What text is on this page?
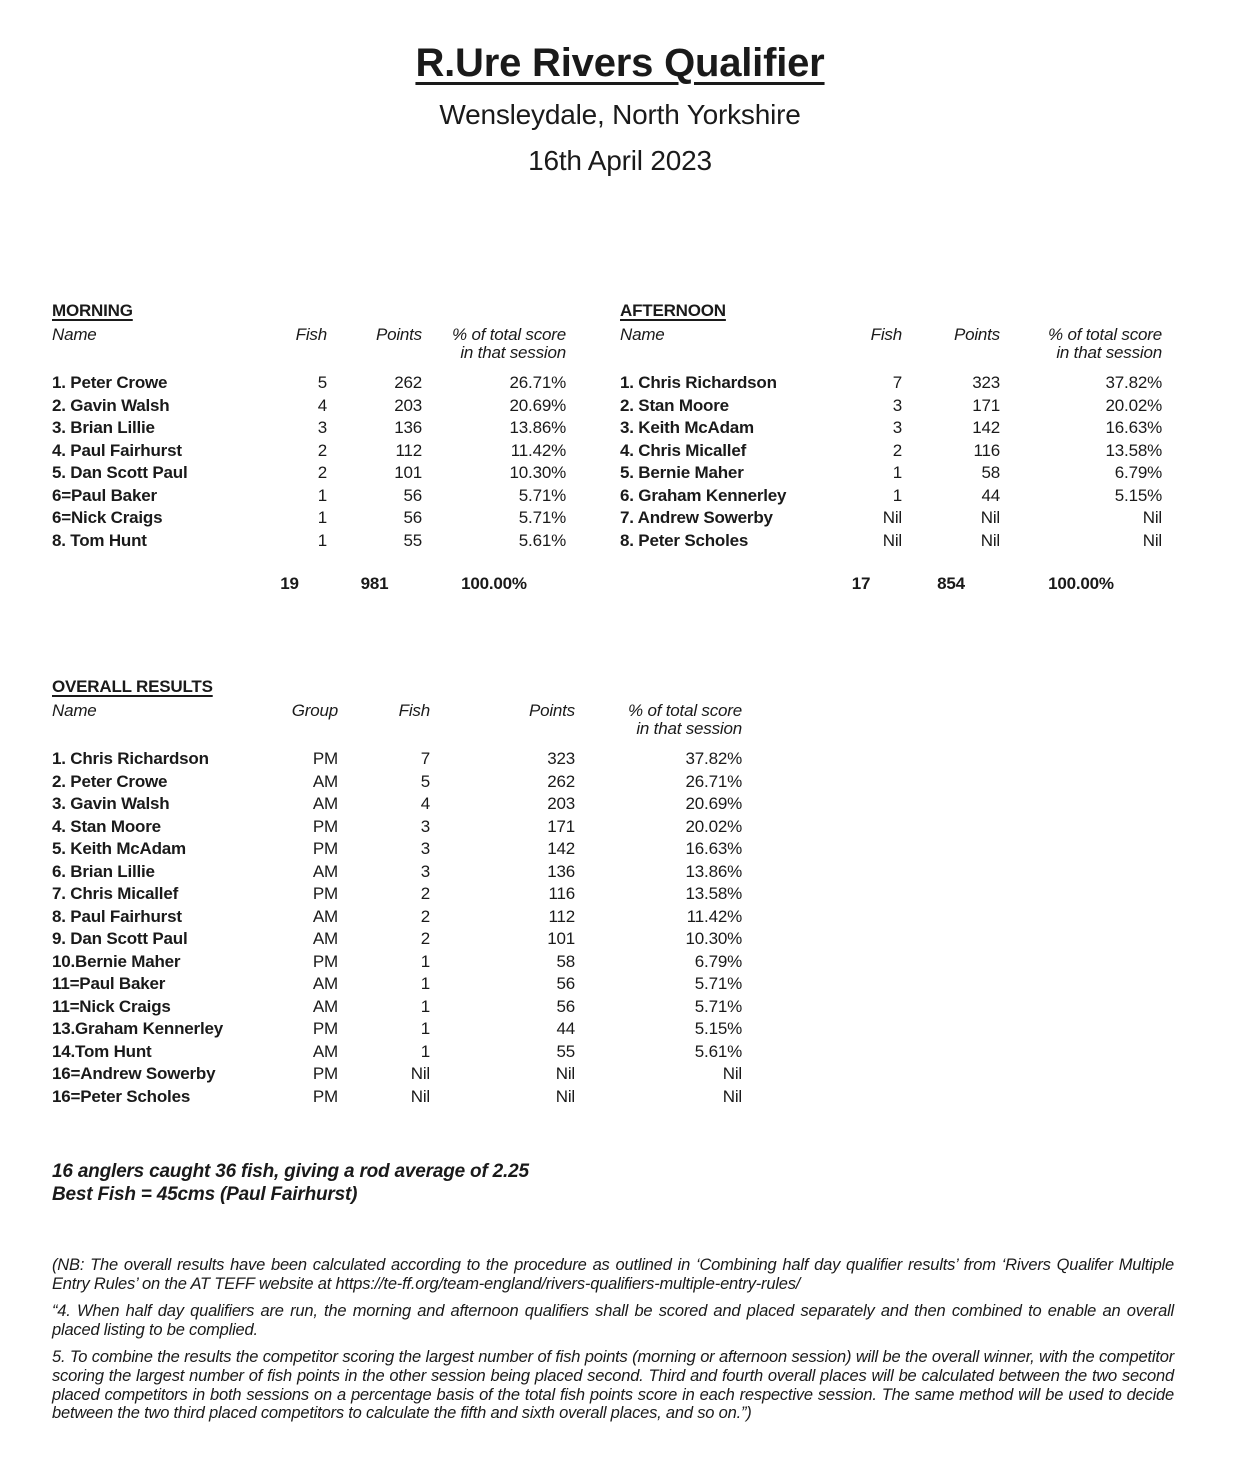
R.Ure Rivers Qualifier
Wensleydale, North Yorkshire
16th April 2023
MORNING
Name	Fish	Points	% of total score
in that session
1. Peter Crowe	5	262	26.71%
2. Gavin Walsh	4	203	20.69%
3. Brian Lillie	3	136	13.86%
4. Paul Fairhurst	2	112	11.42%
5. Dan Scott Paul	2	101	10.30%
6=Paul Baker	1	56	5.71%
6=Nick Craigs	1	56	5.71%
8. Tom Hunt	1	55	5.61%
19	981	100.00%
AFTERNOON
Name	Fish	Points	% of total score
in that session
1. Chris Richardson	7	323	37.82%
2. Stan Moore	3	171	20.02%
3. Keith McAdam	3	142	16.63%
4. Chris Micallef	2	116	13.58%
5. Bernie Maher	1	58	6.79%
6. Graham Kennerley	1	44	5.15%
7. Andrew Sowerby	Nil	Nil	Nil
8. Peter Scholes	Nil	Nil	Nil
17	854	100.00%
OVERALL RESULTS
Name	Group	Fish	Points	% of total score
in that session
1. Chris Richardson	PM	7	323	37.82%
2. Peter Crowe	AM	5	262	26.71%
3. Gavin Walsh	AM	4	203	20.69%
4. Stan Moore	PM	3	171	20.02%
5. Keith McAdam	PM	3	142	16.63%
6. Brian Lillie	AM	3	136	13.86%
7. Chris Micallef	PM	2	116	13.58%
8. Paul Fairhurst	AM	2	112	11.42%
9. Dan Scott Paul	AM	2	101	10.30%
10.Bernie Maher	PM	1	58	6.79%
11=Paul Baker	AM	1	56	5.71%
11=Nick Craigs	AM	1	56	5.71%
13.Graham Kennerley	PM	1	44	5.15%
14.Tom Hunt	AM	1	55	5.61%
16=Andrew Sowerby	PM	Nil	Nil	Nil
16=Peter Scholes	PM	Nil	Nil	Nil
16 anglers caught 36 fish, giving a rod average of 2.25
Best Fish = 45cms (Paul Fairhurst)

(NB: The overall results have been calculated according to the procedure as outlined in ‘Combining half day qualifier results’ from ‘Rivers Qualifer Multiple Entry Rules’ on the AT TEFF website at https://te-ff.org/team-england/rivers-qualifiers-multiple-entry-rules/

“4. When half day qualifiers are run, the morning and afternoon qualifiers shall be scored and placed separately and then combined to enable an overall placed listing to be complied.

5. To combine the results the competitor scoring the largest number of fish points (morning or afternoon session) will be the overall winner, with the competitor scoring the largest number of fish points in the other session being placed second. Third and fourth overall places will be calculated between the two second placed competitors in both sessions on a percentage basis of the total fish points score in each respective session. The same method will be used to decide between the two third placed competitors to calculate the fifth and sixth overall places, and so on.”)
